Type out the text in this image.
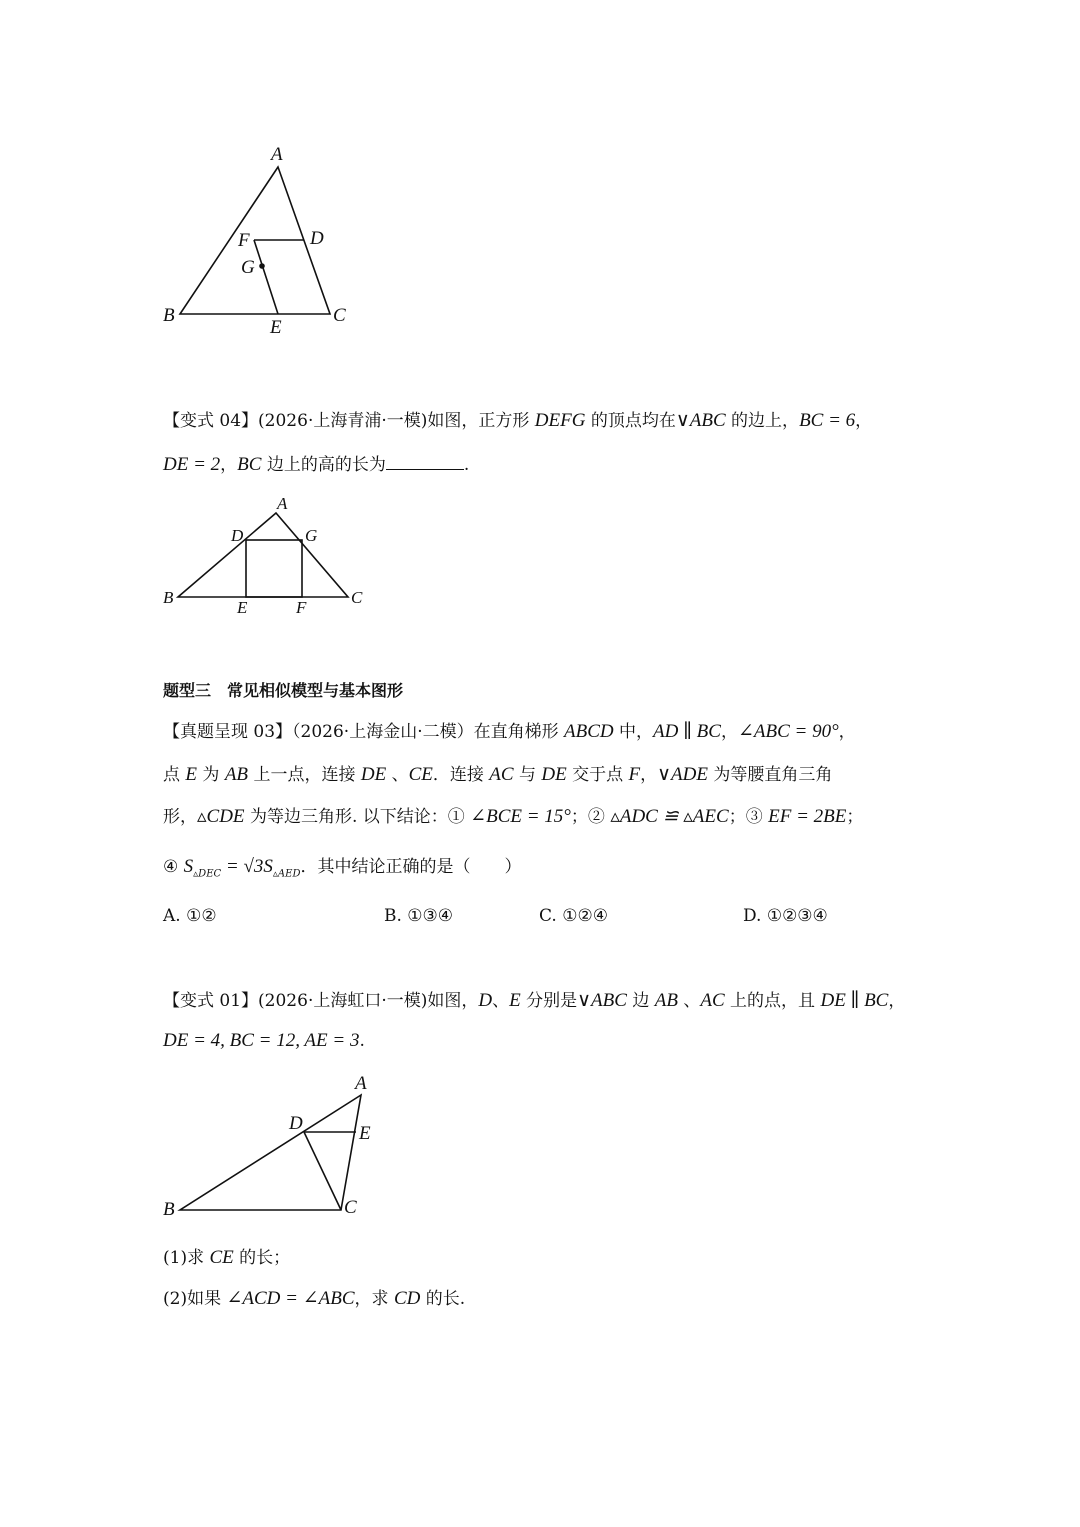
A
F	D
G
B	C
E
【变式 04】(2026·上海青浦·一模)如图，正方形 DEFG 的顶点均在∨ABC 的边上，BC = 6，
DE = 2，BC 边上的高的长为	.
A
D	G
B	C
E	F
题型三　常见相似模型与基本图形
【真题呈现 03】（2026·上海金山·二模）在直角梯形 ABCD 中，AD ∥ BC，∠ABC = 90°，
点 E 为 AB 上一点，连接 DE 、CE．连接 AC 与 DE 交于点 F，∨ADE 为等腰直角三角
形，▵CDE 为等边三角形. 以下结论：① ∠BCE = 15°；② ▵ADC ≌ ▵AEC；③ EF = 2BE；
④ $S_{▵DEC} = √3S_{▵AED}$．其中结论正确的是（　　）
A. ①②	B. ①③④	C. ①②④	D. ①②③④
【变式 01】(2026·上海虹口·一模)如图，D、E 分别是∨ABC 边 AB 、AC 上的点，且 DE ∥ BC，
DE = 4, BC = 12, AE = 3.
A
D	E
B	C
(1)求 CE 的长；
(2)如果 ∠ACD = ∠ABC，求 CD 的长.
